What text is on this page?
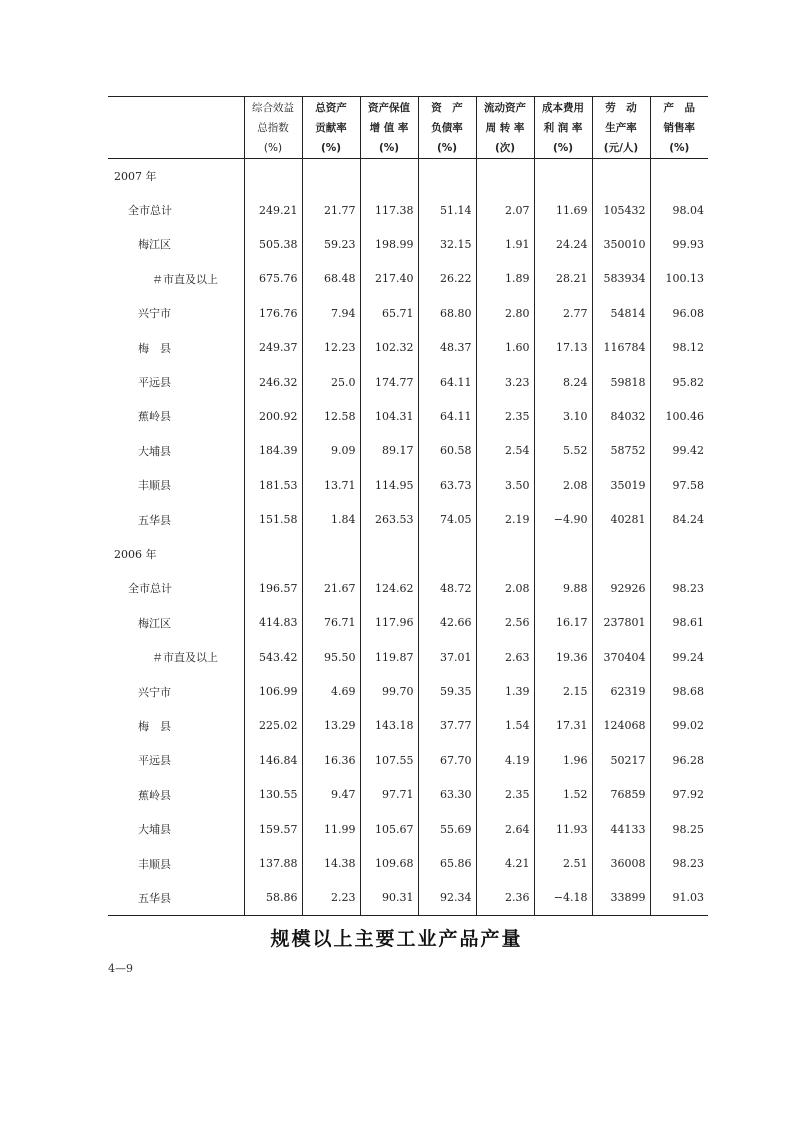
	综合效益
总指数
(%)	总资产
贡献率
(%)	资产保值
增 值 率
(%)	资　产
负债率
(%)	流动资产
周 转 率
(次)	成本费用
利 润 率
(%)	劳　动
生产率
(元/人)	产　品
销售率
(%)

2007 年								
全市总计	249.21	21.77	117.38	51.14	2.07	11.69	105432	98.04
梅江区	505.38	59.23	198.99	32.15	1.91	24.24	350010	99.93
＃市直及以上	675.76	68.48	217.40	26.22	1.89	28.21	583934	100.13
兴宁市	176.76	7.94	65.71	68.80	2.80	2.77	54814	96.08
梅　县	249.37	12.23	102.32	48.37	1.60	17.13	116784	98.12
平远县	246.32	25.0	174.77	64.11	3.23	8.24	59818	95.82
蕉岭县	200.92	12.58	104.31	64.11	2.35	3.10	84032	100.46
大埔县	184.39	9.09	89.17	60.58	2.54	5.52	58752	99.42
丰顺县	181.53	13.71	114.95	63.73	3.50	2.08	35019	97.58
五华县	151.58	1.84	263.53	74.05	2.19	−4.90	40281	84.24
2006 年								
全市总计	196.57	21.67	124.62	48.72	2.08	9.88	92926	98.23
梅江区	414.83	76.71	117.96	42.66	2.56	16.17	237801	98.61
＃市直及以上	543.42	95.50	119.87	37.01	2.63	19.36	370404	99.24
兴宁市	106.99	4.69	99.70	59.35	1.39	2.15	62319	98.68
梅　县	225.02	13.29	143.18	37.77	1.54	17.31	124068	99.02
平远县	146.84	16.36	107.55	67.70	4.19	1.96	50217	96.28
蕉岭县	130.55	9.47	97.71	63.30	2.35	1.52	76859	97.92
大埔县	159.57	11.99	105.67	55.69	2.64	11.93	44133	98.25
丰顺县	137.88	14.38	109.68	65.86	4.21	2.51	36008	98.23
五华县	58.86	2.23	90.31	92.34	2.36	−4.18	33899	91.03
规模以上主要工业产品产量
4—9
